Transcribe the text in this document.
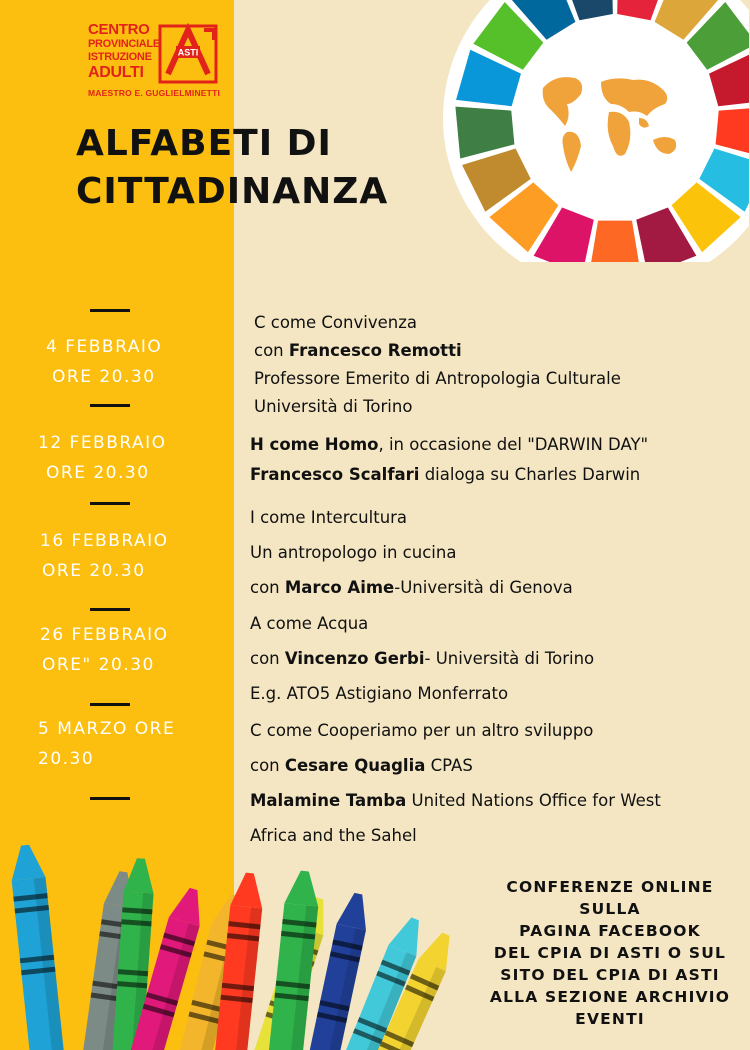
CENTRO
PROVINCIALE
ISTRUZIONE
ADULTI
MAESTRO E. GUGLIELMINETTI
ASTI
ALFABETI DI
CITTADINANZA
4 FEBBRAIO
ORE 20.30
C come Convivenza
con Francesco Remotti
Professore Emerito di Antropologia Culturale
Università di Torino
12 FEBBRAIO
ORE 20.30
H come Homo, in occasione del "DARWIN DAY"
Francesco Scalfari dialoga su Charles Darwin
16 FEBBRAIO
ORE 20.30
I come Intercultura
Un antropologo in cucina
con Marco Aime-Università di Genova
26 FEBBRAIO
ORE" 20.30
A come Acqua
con Vincenzo Gerbi- Università di Torino
E.g. ATO5 Astigiano Monferrato
5 MARZO ORE
20.30
C come Cooperiamo per un altro sviluppo
con Cesare Quaglia CPAS
Malamine Tamba United Nations Office for West
Africa and the Sahel
CONFERENZE ONLINE
SULLA
PAGINA FACEBOOK
DEL CPIA DI ASTI O SUL
SITO DEL CPIA DI ASTI
ALLA SEZIONE ARCHIVIO
EVENTI
